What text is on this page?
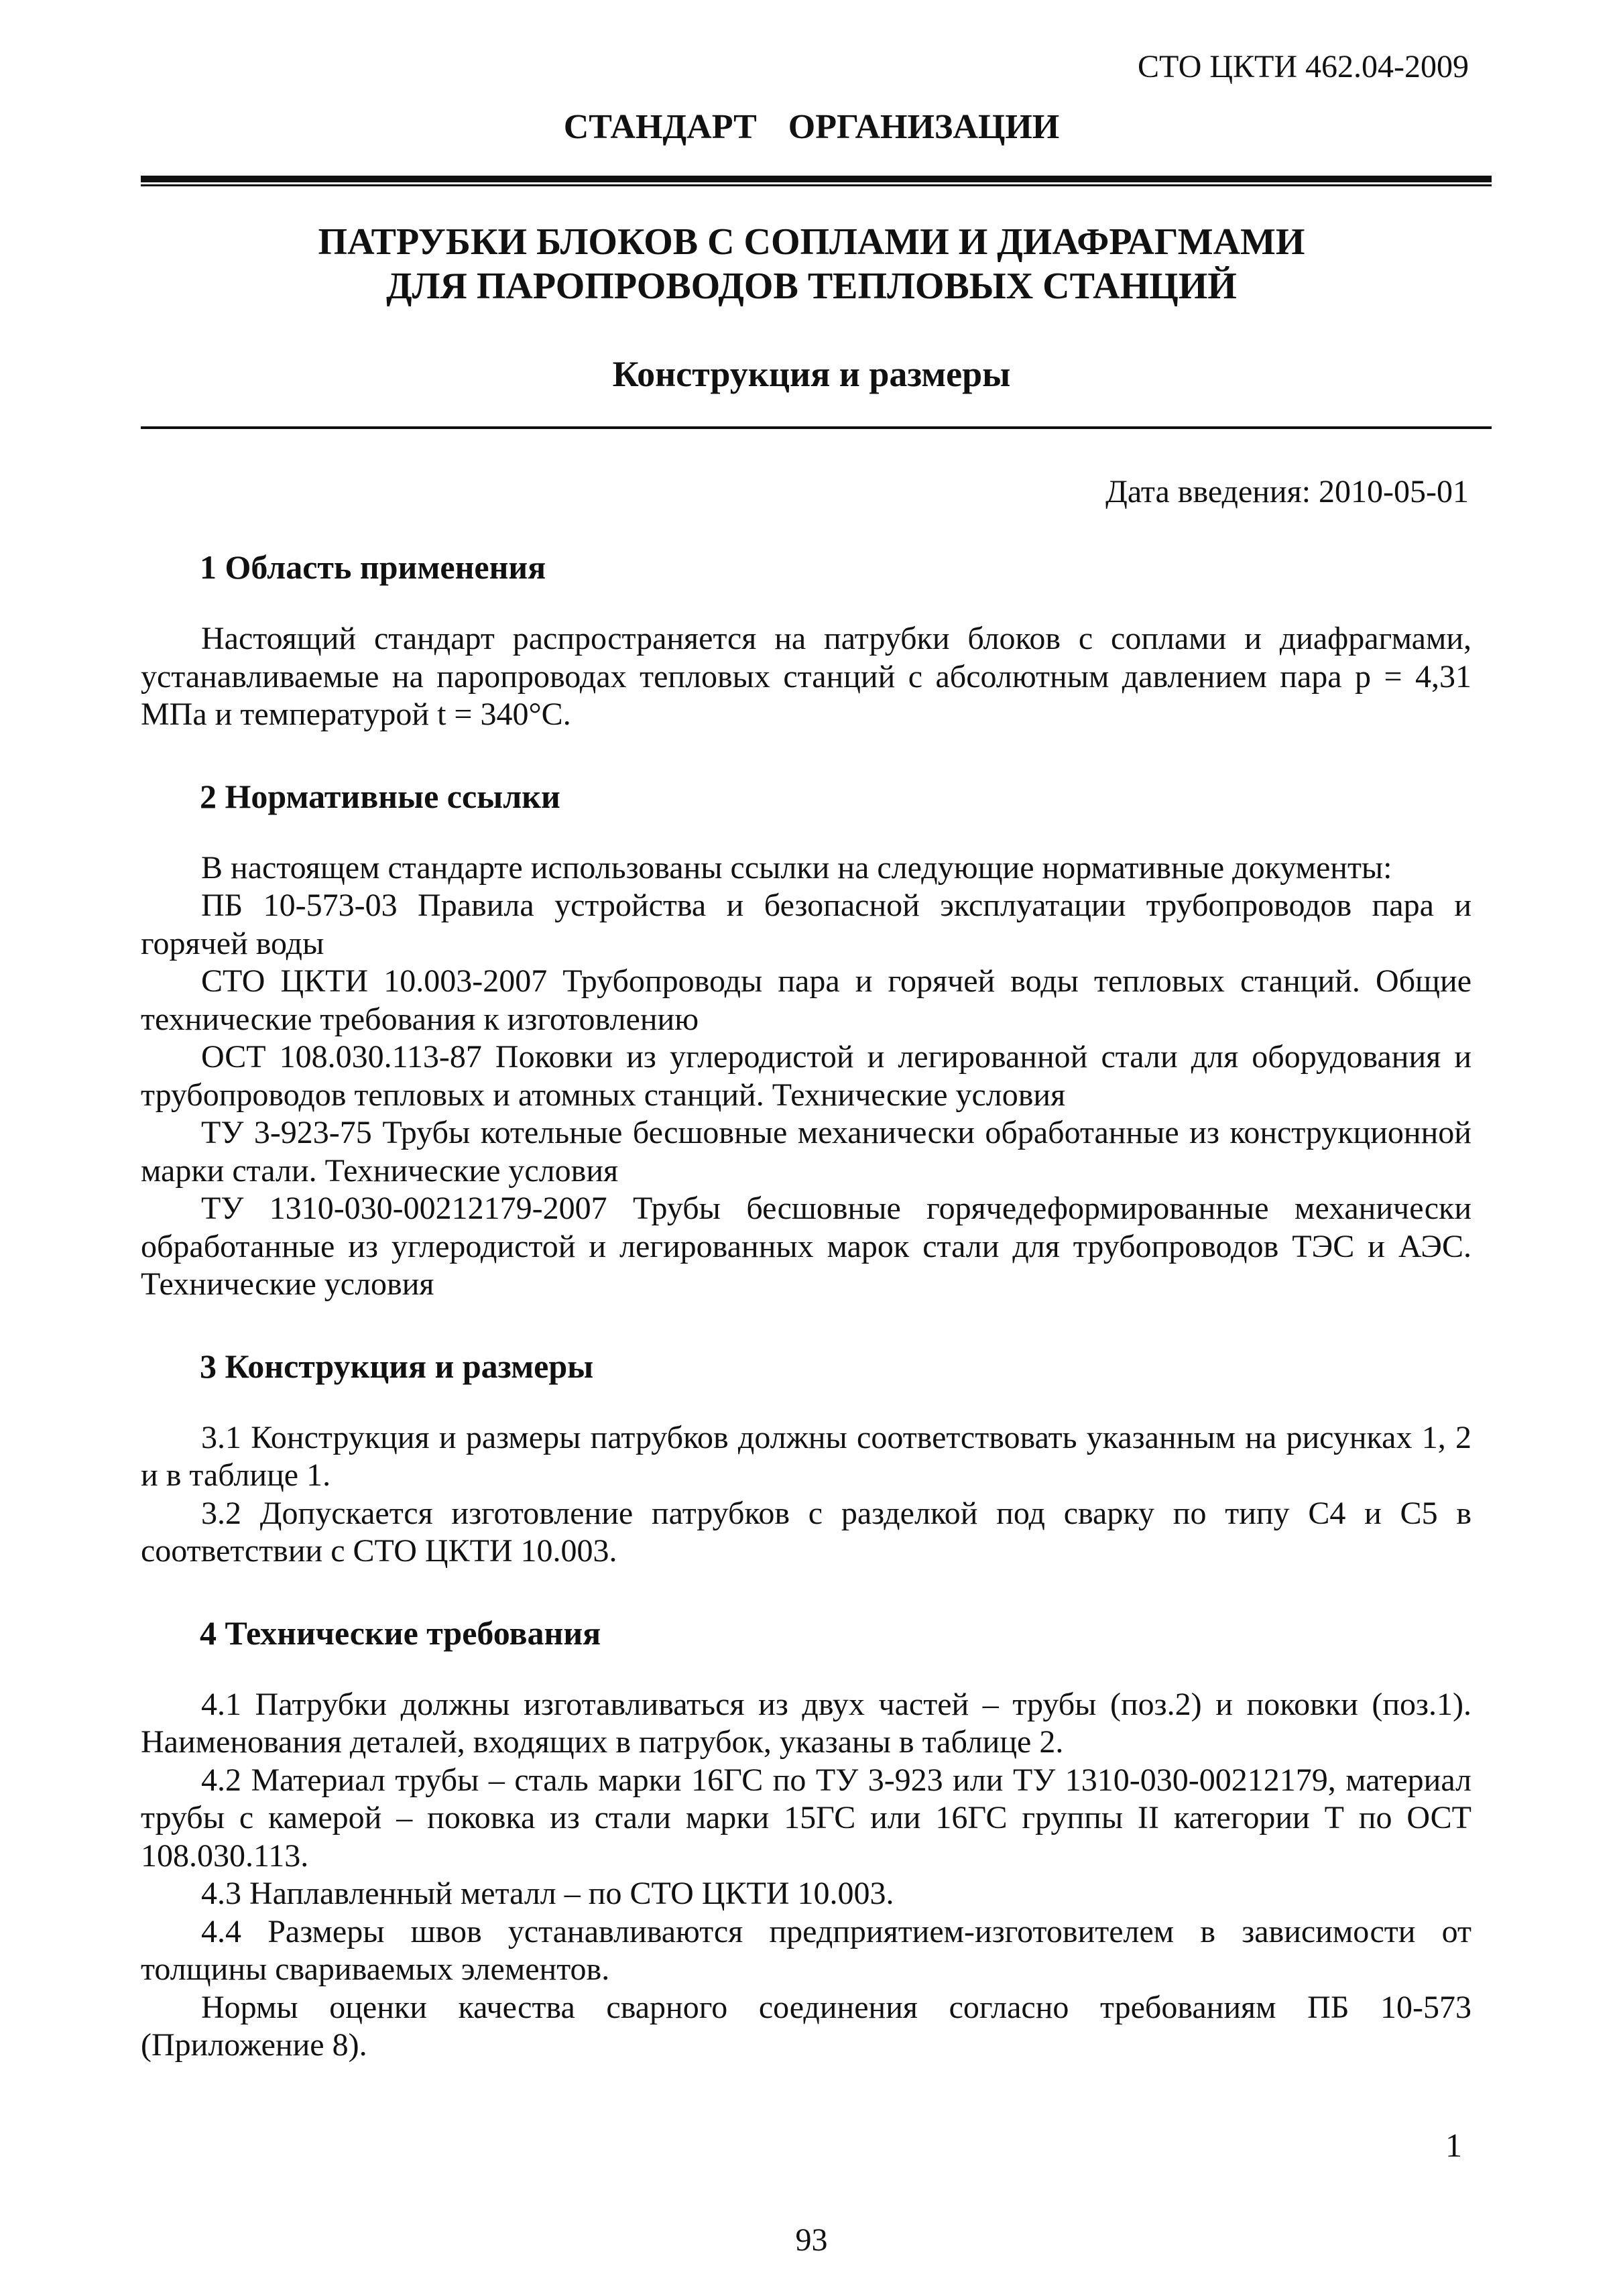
СТО ЦКТИ 462.04-2009
СТАНДАРТ ОРГАНИЗАЦИИ
ПАТРУБКИ БЛОКОВ С СОПЛАМИ И ДИАФРАГМАМИ
ДЛЯ ПАРОПРОВОДОВ ТЕПЛОВЫХ СТАНЦИЙ
Конструкция и размеры
Дата введения: 2010-05-01
1 Область применения

Настоящий стандарт распространяется на патрубки блоков с соплами и диафрагмами, устанавливаемые на паропроводах тепловых станций с абсолютным давлением пара р = 4,31 МПа и температурой t = 340°С.

2 Нормативные ссылки

В настоящем стандарте использованы ссылки на следующие нормативные документы:

ПБ 10-573-03 Правила устройства и безопасной эксплуатации трубопроводов пара и горячей воды

СТО ЦКТИ 10.003-2007 Трубопроводы пара и горячей воды тепловых станций. Общие технические требования к изготовлению

ОСТ 108.030.113-87 Поковки из углеродистой и легированной стали для оборудования и трубопроводов тепловых и атомных станций. Технические условия

ТУ 3-923-75 Трубы котельные бесшовные механически обработанные из конструкционной марки стали. Технические условия

ТУ 1310-030-00212179-2007 Трубы бесшовные горячедеформированные механически обработанные из углеродистой и легированных марок стали для трубопроводов ТЭС и АЭС. Технические условия

3 Конструкция и размеры

3.1 Конструкция и размеры патрубков должны соответствовать указанным на рисунках 1, 2 и в таблице 1.

3.2 Допускается изготовление патрубков с разделкой под сварку по типу С4 и С5 в соответствии с СТО ЦКТИ 10.003.

4 Технические требования

4.1 Патрубки должны изготавливаться из двух частей – трубы (поз.2) и поковки (поз.1). Наименования деталей, входящих в патрубок, указаны в таблице 2.

4.2 Материал трубы – сталь марки 16ГС по ТУ 3-923 или ТУ 1310-030-00212179, материал трубы с камерой – поковка из стали марки 15ГС или 16ГС группы II категории Т по ОСТ 108.030.113.

4.3 Наплавленный металл – по СТО ЦКТИ 10.003.

4.4 Размеры швов устанавливаются предприятием-изготовителем в зависимости от толщины свариваемых элементов.

Нормы оценки качества сварного соединения согласно требованиям ПБ 10-573 (Приложение 8).

1
93
